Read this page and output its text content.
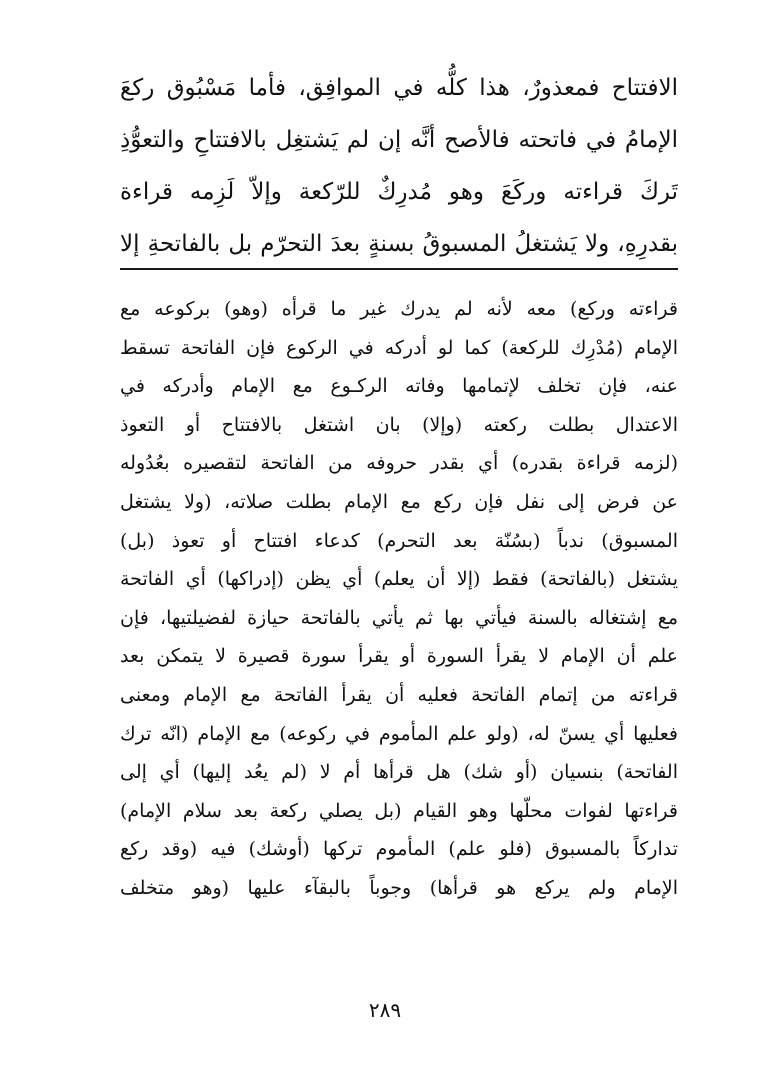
الافتتاح فمعذورٌ، هذا كلُّه في الموافِق، فأما مَسْبُوق ركعَ
الإمامُ في فاتحته فالأصح أنَّه إن لم يَشتغِل بالافتتاحِ والتعوُّذِ
تَركَ قراءته وركَعَ وهو مُدرِكٌ للرّكعة وإلاّ لَزِمه قراءة
بقدرِهِ، ولا يَشتغلُ المسبوقُ بسنةٍ بعدَ التحرّم بل بالفاتحةِ إلا
قراءته وركع) معه لأنه لم يدرك غير ما قرأه (وهو) بركوعه مع
الإمام (مُدْرِك للركعة) كما لو أدركه في الركوع فإن الفاتحة تسقط
عنه، فإن تخلف لإتمامها وفاته الركـوع مع الإمام وأدركه في
الاعتدال بطلت ركعته (وإلا) بان اشتغل بالافتتاح أو التعوذ
(لزمه قراءة بقدره) أي بقدر حروفه من الفاتحة لتقصيره بعُدُوله
عن فرض إلى نفل فإن ركع مع الإمام بطلت صلاته، (ولا يشتغل
المسبوق) ندباً (بسُنّة بعد التحرم) كدعاء افتتاح أو تعوذ (بل)
يشتغل (بالفاتحة) فقط (إلا أن يعلم) أي يظن (إدراكها) أي الفاتحة
مع إشتغاله بالسنة فيأتي بها ثم يأتي بالفاتحة حيازة لفضيلتيها، فإن
علم أن الإمام لا يقرأ السورة أو يقرأ سورة قصيرة لا يتمكن بعد
قراءته من إتمام الفاتحة فعليه أن يقرأ الفاتحة مع الإمام ومعنى
فعليها أي يسنّ له، (ولو علم المأموم في ركوعه) مع الإمام (انّه ترك
الفاتحة) بنسيان (أو شك) هل قرأها أم لا (لم يعُد إليها) أي إلى
قراءتها لفوات محلّها وهو القيام (بل يصلي ركعة بعد سلام الإمام)
تداركاً بالمسبوق (فلو علم) المأموم تركها (أوشك) فيه (وقد ركع
الإمام ولم يركع هو قرأها) وجوباً بالبقآء عليها (وهو متخلف
٢٨٩
